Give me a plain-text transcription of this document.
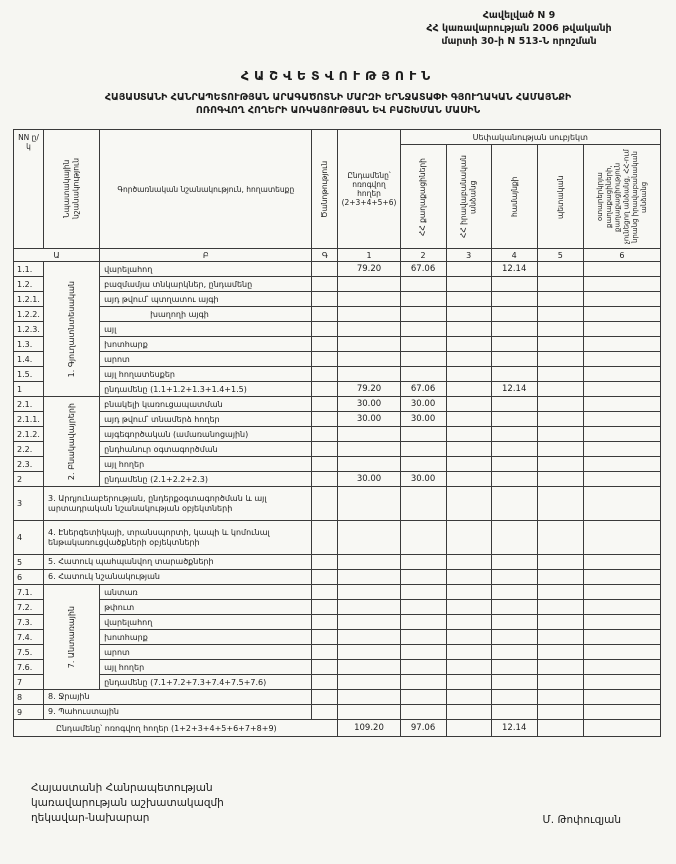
Հավելված N 9
ՀՀ կառավարության 2006 թվականի
մարտի 30-ի N 513-Ն որոշման
ՀԱՇՎԵՏՎՈՒԹՅՈՒՆ
ՀԱՅԱՍՏԱՆԻ ՀԱՆՐԱՊԵՏՈՒԹՅԱՆ ԱՐԱԳԱԾՈՏՆԻ ՄԱՐԶԻ ԵՐՆՋԱՏԱՓԻ ԳՅՈՒՂԱԿԱՆ ՀԱՄԱՅՆՔԻ
ՈՌՈԳՎՈՂ ՀՈՂԵՐԻ ԱՌԿԱՅՈՒԹՅԱՆ ԵՎ ԲԱՇԽՄԱՆ ՄԱՍԻՆ
NN ը/կ	Նպատակային նշանակություն	Գործառնական նշանակություն, հողատեսքը	Ծանոթություն	Ընդամենը՝ ոռոգվող հողեր (2+3+4+5+6)	Սեփականության սուբյեկտ				

					ՀՀ քաղաքացիների	ՀՀ իրավաբանական անձանց	համայնքի	պետական	օտարերկրյա քաղաքացիների, քաղաքացիություն չունեցող անձանց, ՀՀ-ում նրանց իրավաբանական անձանց

Ա		Բ	Գ	1	2	3	4	5	6
1.1.	1. Գյուղատնտեսական	վարելահող		79.20	67.06		12.14		
1.2.		բազմամյա տնկարկներ, ընդամենը							
1.2.1.		այդ թվում՝ պտղատու այգի							
1.2.2.		խաղողի այգի							
1.2.3.		այլ							
1.3.		խոտհարք							
1.4.		արոտ							
1.5.		այլ հողատեսքեր							
1		ընդամենը (1.1+1.2+1.3+1.4+1.5)		79.20	67.06		12.14		
2.1.	2. Բնակավայրերի	բնակելի կառուցապատման		30.00	30.00				
2.1.1.		այդ թվում՝ տնամերձ հողեր		30.00	30.00				
2.1.2.		այգեգործական (ամառանոցային)							
2.2.		ընդհանուր օգտագործման							
2.3.		այլ հողեր							
2		ընդամենը (2.1+2.2+2.3)		30.00	30.00				
3	3. Արդյունաբերության, ընդերքօգտագործման և այլ արտադրական նշանակության օբյեկտների								
4	4. Էներգետիկայի, տրանսպորտի, կապի և կոմունալ ենթակառուցվածքների օբյեկտների								
5	5. Հատուկ պահպանվող տարածքների								
6	6. Հատուկ նշանակության								
7.1.	7. Անտառային	անտառ							
7.2.		թփուտ							
7.3.		վարելահող							
7.4.		խոտհարք							
7.5.		արոտ							
7.6.		այլ հողեր							
7		ընդամենը (7.1+7.2+7.3+7.4+7.5+7.6)							
8	8. Ջրային								
9	9. Պահուստային								
Ընդամենը՝ ոռոգվող հողեր (1+2+3+4+5+6+7+8+9)				109.20	97.06		12.14		
Հայաստանի Հանրապետության
կառավարության աշխատակազմի
ղեկավար-նախարար	Մ. Թոփուզյան
